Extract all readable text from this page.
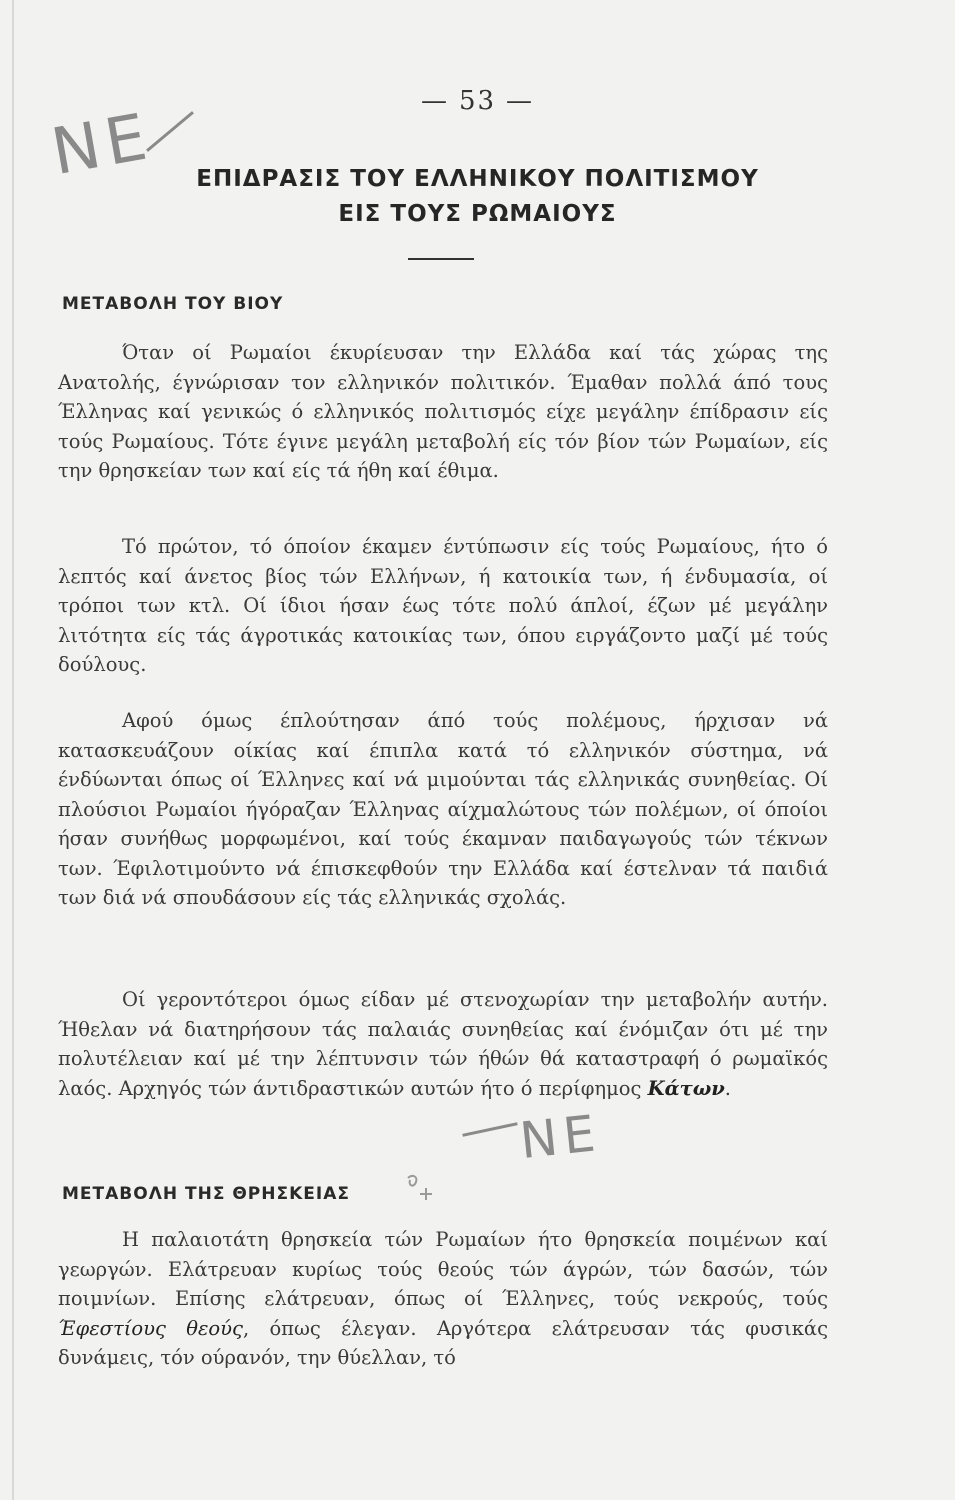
— 53 —
ΝΕ	ΕΠΙΔΡΑΣΙΣ ΤΟΥ ΕΛΛΗΝΙΚΟΥ ΠΟΛΙΤΙΣΜΟΥ
ΕΙΣ ΤΟΥΣ ΡΩΜΑΙΟΥΣ
ΜΕΤΑΒΟΛΗ ΤΟΥ ΒΙΟΥ

Όταν οί Ρωμαίοι έκυρίευσαν την Ελλάδα καί τάς χώρας της Ανατολής, έγνώρισαν τον ελληνικόν πολιτικόν. Έμαθαν πολλά άπό τους Έλληνας καί γενικώς ό ελληνικός πολιτισμός είχε μεγάλην έπίδρασιν είς τούς Ρωμαίους. Τότε έγινε μεγάλη μεταβολή είς τόν βίον τών Ρωμαίων, είς την θρησκείαν των καί είς τά ήθη καί έθιμα.

Τό πρώτον, τό όποίον έκαμεν έντύπωσιν είς τούς Ρωμαίους, ήτο ό λεπτός καί άνετος βίος τών Ελλήνων, ή κατοικία των, ή ένδυμασία, οί τρόποι των κτλ. Οί ίδιοι ήσαν έως τότε πολύ άπλοί, έζων μέ μεγάλην λιτότητα είς τάς άγροτικάς κατοικίας των, όπου ειργάζοντο μαζί μέ τούς δούλους.

Αφού όμως έπλούτησαν άπό τούς πολέμους, ήρχισαν νά κατασκευάζουν οίκίας καί έπιπλα κατά τό ελληνικόν σύστημα, νά ένδύωνται όπως οί Έλληνες καί νά μιμούνται τάς ελληνικάς συνηθείας. Οί πλούσιοι Ρωμαίοι ήγόραζαν Έλληνας αίχμαλώτους τών πολέμων, οί όποίοι ήσαν συνήθως μορφωμένοι, καί τούς έκαμναν παιδαγωγούς τών τέκνων των. Έφιλοτιμούντο νά έπισκεφθούν την Ελλάδα καί έστελναν τά παιδιά των διά νά σπουδάσουν είς τάς ελληνικάς σχολάς.

Οί γεροντότεροι όμως είδαν μέ στενοχωρίαν την μεταβολήν αυτήν. Ήθελαν νά διατηρήσουν τάς παλαιάς συνηθείας καί ένόμιζαν ότι μέ την πολυτέλειαν καί μέ την λέπτυνσιν τών ήθών θά καταστραφή ό ρωμαϊκός λαός. Αρχηγός τών άντιδραστικών αυτών ήτο ό περίφημος Κάτων.

ΝΕ
ΜΕΤΑΒΟΛΗ ΤΗΣ ΘΡΗΣΚΕΙΑΣ

Η παλαιοτάτη θρησκεία τών Ρωμαίων ήτο θρησκεία ποιμένων καί γεωργών. Ελάτρευαν κυρίως τούς θεούς τών άγρών, τών δασών, τών ποιμνίων. Επίσης ελάτρευαν, όπως οί Έλληνες, τούς νεκρούς, τούς Έφεστίους θεούς, όπως έλεγαν. Αργότερα ελάτρευσαν τάς φυσικάς δυνάμεις, τόν ούρανόν, την θύελλαν, τό
